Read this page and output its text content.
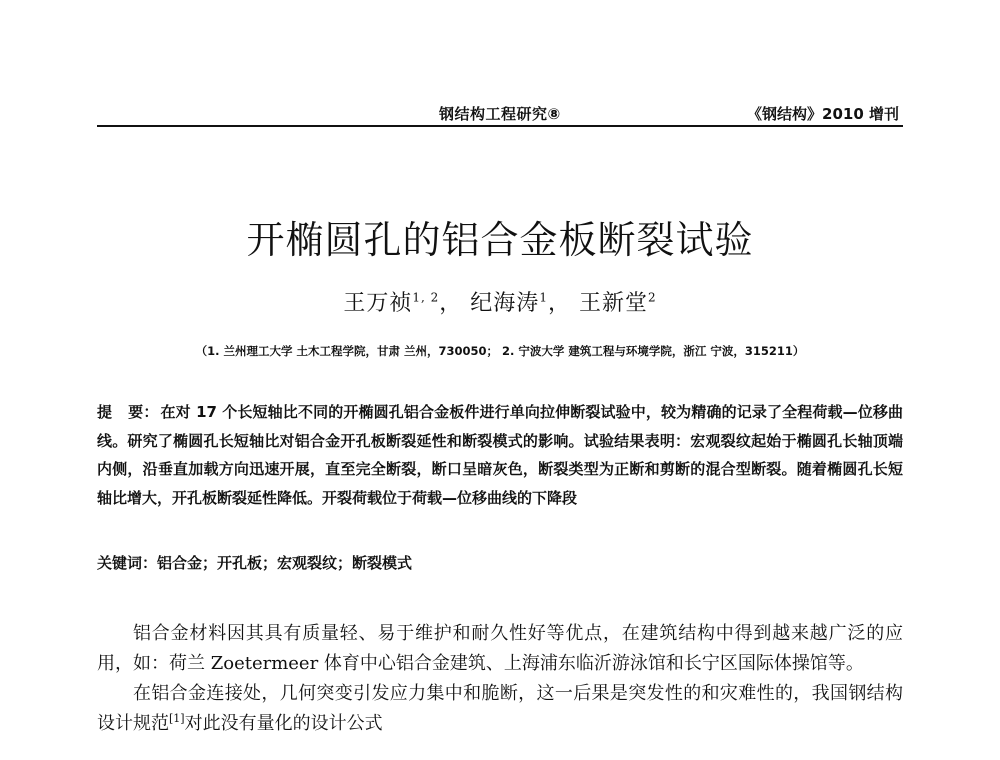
钢结构工程研究⑧	《钢结构》2010 增刊
开椭圆孔的铝合金板断裂试验
王万祯$^{1, 2}$， 纪海涛$^1$， 王新堂$^2$
（1. 兰州理工大学 土木工程学院，甘肃 兰州，730050； 2. 宁波大学 建筑工程与环境学院，浙江 宁波，315211）
提   要： 在对 17 个长短轴比不同的开椭圆孔铝合金板件进行单向拉伸断裂试验中，较为精确的记录了全程荷载—位移曲线。研究了椭圆孔长短轴比对铝合金开孔板断裂延性和断裂模式的影响。试验结果表明：宏观裂纹起始于椭圆孔长轴顶端内侧，沿垂直加载方向迅速开展，直至完全断裂，断口呈暗灰色，断裂类型为正断和剪断的混合型断裂。随着椭圆孔长短轴比增大，开孔板断裂延性降低。开裂荷载位于荷载—位移曲线的下降段
关键词：铝合金；开孔板；宏观裂纹；断裂模式

铝合金材料因其具有质量轻、易于维护和耐久性好等优点，在建筑结构中得到越来越广泛的应用，如：荷兰 Zoetermeer 体育中心铝合金建筑、上海浦东临沂游泳馆和长宁区国际体操馆等。

在铝合金连接处，几何突变引发应力集中和脆断，这一后果是突发性的和灾难性的，我国钢结构设计规范[1]对此没有量化的设计公式
